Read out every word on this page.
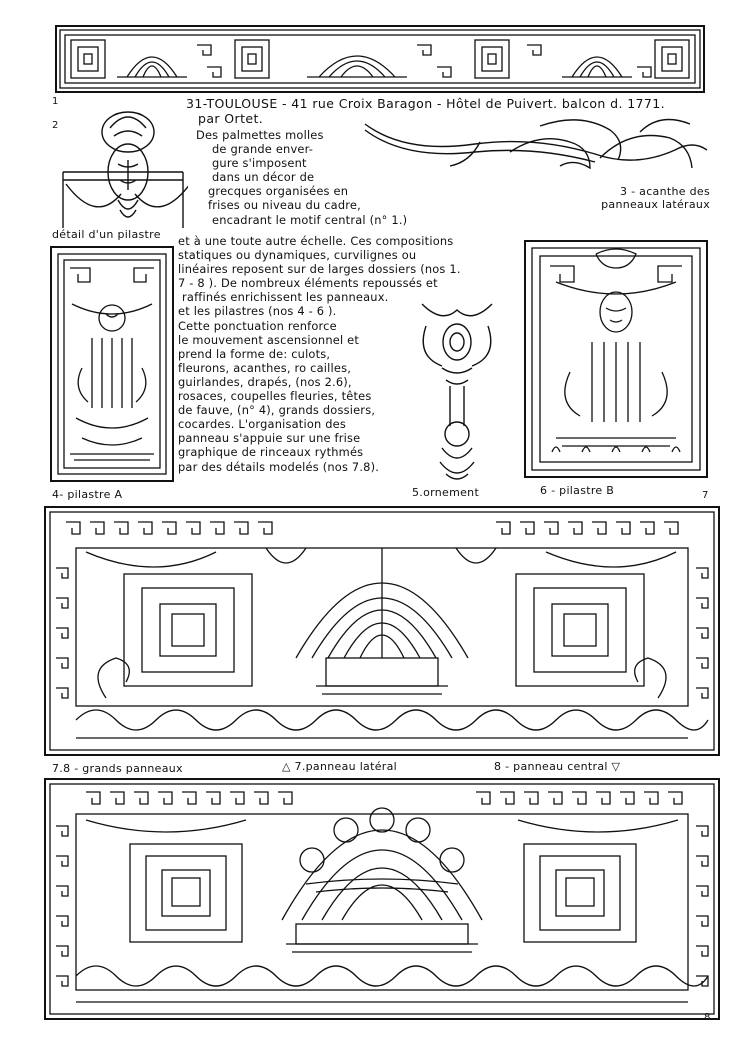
1	31-TOULOUSE - 41 rue Croix Baragon - Hôtel de Puivert. balcon d. 1771.
par Ortet.
2
Des palmettes molles
de grande enver-
gure s'imposent
dans un décor de
grecques organisées en
frises ou niveau du cadre,
encadrant le motif central (n° 1.)
3 - acanthe des
panneaux latéraux
détail d'un pilastre et à une toute autre échelle. Ces compositions
statiques ou dynamiques, curvilignes ou
linéaires reposent sur de larges dossiers (nos 1.
7 - 8 ). De nombreux éléments repoussés et
raffinés enrichissent les panneaux.
et les pilastres (nos 4 - 6 ).
Cette ponctuation renforce
le mouvement ascensionnel et
prend la forme de: culots,
fleurons, acanthes, ro cailles,
guirlandes, drapés, (nos 2.6),
rosaces, coupelles fleuries, têtes
de fauve, (n° 4), grands dossiers,
cocardes. L'organisation des
panneau s'appuie sur une frise
graphique de rinceaux rythmés
par des détails modelés (nos 7.8).
4- pilastre A	5.ornement	6 - pilastre B	7
7.8 - grands panneaux	△ 7.panneau latéral	8 - panneau central ▽
8
